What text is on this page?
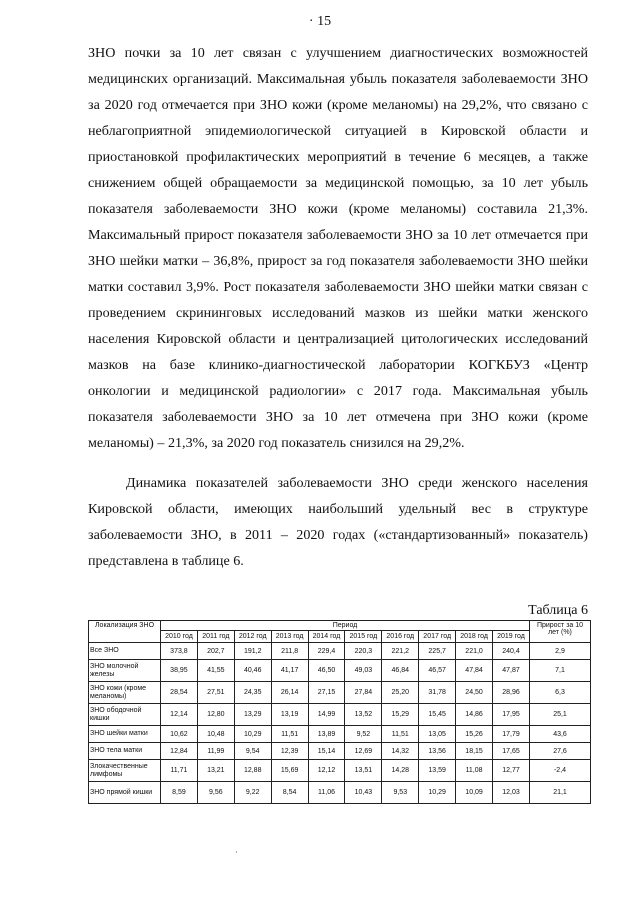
· 15

ЗНО почки за 10 лет связан с улучшением диагностических возможностей медицинских организаций. Максимальная убыль показателя заболеваемости ЗНО за 2020 год отмечается при ЗНО кожи (кроме меланомы) на 29,2%, что связано с неблагоприятной эпидемиологической ситуацией в Кировской области и приостановкой профилактических мероприятий в течение 6 месяцев, а также снижением общей обращаемости за медицинской помощью, за 10 лет убыль показателя заболеваемости ЗНО кожи (кроме меланомы) составила 21,3%. Максимальный прирост показателя заболеваемости ЗНО за 10 лет отмечается при ЗНО шейки матки – 36,8%, прирост за год показателя заболеваемости ЗНО шейки матки составил 3,9%. Рост показателя заболеваемости ЗНО шейки матки связан с проведением скрининговых исследований мазков из шейки матки женского населения Кировской области и централизацией цитологических исследований мазков на базе клинико-диагностической лаборатории КОГКБУЗ «Центр онкологии и медицинской радиологии» с 2017 года. Максимальная убыль показателя заболеваемости ЗНО за 10 лет отмечена при ЗНО кожи (кроме меланомы) – 21,3%, за 2020 год показатель снизился на 29,2%.

Динамика показателей заболеваемости ЗНО среди женского населения Кировской области, имеющих наибольший удельный вес в структуре заболеваемости ЗНО, в 2011 – 2020 годах («стандартизованный» показатель) представлена в таблице 6.

Таблица 6
Локализация ЗНО	Период										Прирост за 10 лет (%)
	2010 год	2011 год	2012 год	2013 год	2014 год	2015 год	2016 год	2017 год	2018 год	2019 год	
Все ЗНО	373,8	202,7	191,2	211,8	229,4	220,3	221,2	225,7	221,0	240,4	2,9
ЗНО молочной железы	38,95	41,55	40,46	41,17	46,50	49,03	46,84	46,57	47,84	47,87	7,1
ЗНО кожи (кроме меланомы)	28,54	27,51	24,35	26,14	27,15	27,84	25,20	31,78	24,50	28,96	6,3
ЗНО ободочной кишки	12,14	12,80	13,29	13,19	14,99	13,52	15,29	15,45	14,86	17,95	25,1
ЗНО шейки матки	10,62	10,48	10,29	11,51	13,89	9,52	11,51	13,05	15,26	17,79	43,6
ЗНО тела матки	12,84	11,99	9,54	12,39	15,14	12,69	14,32	13,56	18,15	17,65	27,6
Злокачественные лимфомы	11,71	13,21	12,88	15,69	12,12	13,51	14,28	13,59	11,08	12,77	-2,4
ЗНО прямой кишки	8,59	9,56	9,22	8,54	11,06	10,43	9,53	10,29	10,09	12,03	21,1
·
